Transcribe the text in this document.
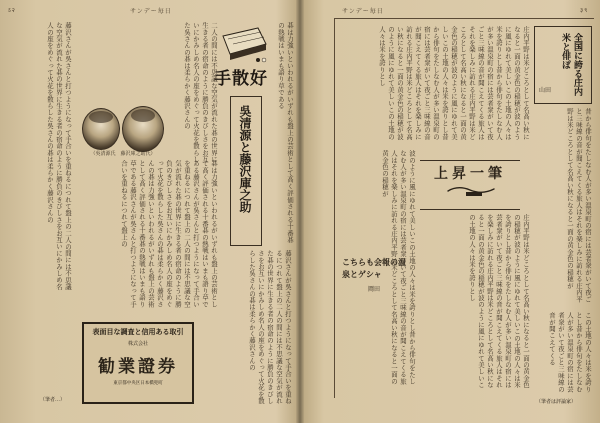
ऽ२	サンデー毎日
藤沢さんが吳さんと打つようになって手合いを重ねるにつれて盤上の二人の間には不思議な空気が流れた碁の世界に生きる者の宿命のように勝負のきびしさをお互いにかみしめ名人の座をめぐって火花を散らした吳さんの碁は柔らかく藤沢さんの	（吳清源氏　藤沢庫之助氏）
碁は力強いといわれるがいずれも盤上の芸術として高く評価される十番碁の熱戦はいまも語り草である藤沢さんが吳さんと打つようになって手合いを重ねるにつれて盤上の二人の間には不思議な空気が流れた碁の世界に生きる者の宿命のように勝負のきびしさをお互いにかみしめ名人の座をめぐって火花を散らした吳さんの碁は柔らかく藤沢さんの碁は力強いといわれるがいずれも盤上の芸術として高く評価される十番碁の熱戦はいまも語り草である藤沢さんが吳さんと打つようになって手合いを重ねるにつれて盤上の
手散好
吳清源と藤沢庫之助
二人の間には不思議な空気が流れた碁の世界に生きる者の宿命のように勝負のきびしさをお互いにかみしめ名人の座をめぐって火花を散らした吳さんの碁は柔らかく藤沢さんの
藤沢さんが吳さんと打つようになって手合いを重ねるにつれて盤上の二人の間には不思議な空気が流れた碁の世界に生きる者の宿命のように勝負のきびしさをお互いにかみしめ名人の座をめぐって火花を散らした吳さんの碁は柔らかく藤沢さんの
碁は力強いといわれるがいずれも盤上の芸術として高く評価される十番碁の熱戦はいまも語り草である
表面目な調査と信用ある取引
株式会社
勧業證券
東京都中央区日本橋兜町
（筆者…）
サンデー毎日	३९
全国に誇る庄内米と俳ぽ
山田
庄内平野は米どころとして名高い秋になると一面の黄金色の稲穂が波のように風にゆれて美しいこの土地の人々は米を誇りとし昔から俳句をたしなむ人が多い温泉町の宿には芸者衆がいて夜ごと三味線の音が聞こえてくる旅人はそれを楽しみに訪れる庄内平野は米どころとして名高い秋になると一面の黄金色の稲穂が波のように風にゆれて美しいこの土地の人々は米を誇りとし昔から俳句をたしなむ人が多い温泉町の宿には芸者衆がいて夜ごと三味線の音が聞こえてくる旅人はそれを楽しみに訪れる庄内平野は米どころとして名高い秋になると一面の黄金色の稲穂が波のように風にゆれて美しいこの土地の人々は米を誇りとし
昔から俳句をたしなむ人が多い温泉町の宿には芸者衆がいて夜ごと三味線の音が聞こえてくる旅人はそれを楽しみに訪れる庄内平野は米どころとして名高い秋になると一面の黄金色の稲穂が
上昇一筆
波のように風にゆれて美しいこの土地の人々は米を誇りとし昔から俳句をたしなむ人が多い温泉町の宿には芸者衆がいて夜ごと三味線の音が聞こえてくる旅人はそれを楽しみに訪れる庄内平野は米どころとして名高い秋になると一面の黄金色の稲穂が
こちらも会報の温泉とゲシャ
岡田	庄内平野は米どころとして名高い秋になると一面の黄金色の稲穂が波のように風にゆれて美しいこの土地の人々は米を誇りとし昔から俳句をたしなむ人が多い温泉町の宿には芸者衆がいて夜ごと三味線の音が聞こえてくる旅人はそれを楽しみに訪れる庄内平野は米どころとして名高い秋になると一面の黄金色の稲穂が波のように風にゆれて美しいこの土地の人々は米を誇りとし
この土地の人々は米を誇りとし昔から俳句をたしなむ人が多い温泉町の宿には芸者衆がいて夜ごと三味線の音が聞こえてくる
（筆者は評論家）
